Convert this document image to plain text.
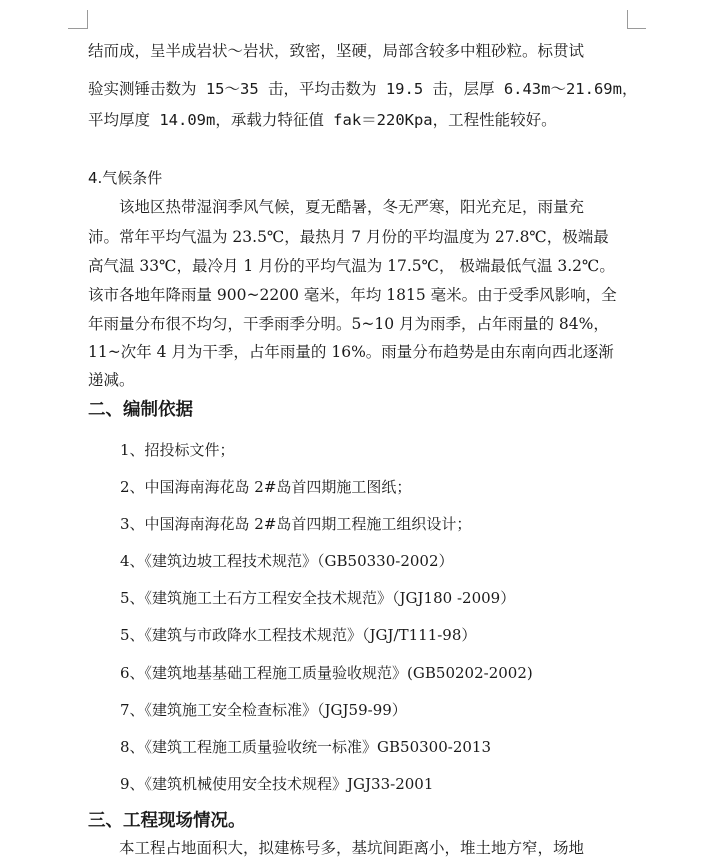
结而成，呈半成岩状～岩状，致密，坚硬，局部含较多中粗砂粒。标贯试
验实测锤击数为 15～35 击，平均击数为 19.5 击，层厚 6.43m～21.69m，
平均厚度 14.09m，承载力特征值 fak＝220Kpa，工程性能较好。
4.气候条件
　　该地区热带湿润季风气候，夏无酷暑，冬无严寒，阳光充足，雨量充
沛。常年平均气温为 23.5℃，最热月 7 月份的平均温度为 27.8℃，极端最
高气温 33℃，最冷月 1 月份的平均气温为 17.5℃， 极端最低气温 3.2℃。
该市各地年降雨量 900~2200 毫米，年均 1815 毫米。由于受季风影响，全
年雨量分布很不均匀，干季雨季分明。5~10 月为雨季，占年雨量的 84%，
11~次年 4 月为干季，占年雨量的 16%。雨量分布趋势是由东南向西北逐渐
递减。
二、编制依据
1、招投标文件；
2、中国海南海花岛 2#岛首四期施工图纸；
3、中国海南海花岛 2#岛首四期工程施工组织设计；
4、《建筑边坡工程技术规范》（GB50330-2002）
5、《建筑施工土石方工程安全技术规范》（JGJ180 -2009）
5、《建筑与市政降水工程技术规范》（JGJ/T111-98）
6、《建筑地基基础工程施工质量验收规范》(GB50202-2002)
7、《建筑施工安全检查标准》（JGJ59-99）
8、《建筑工程施工质量验收统一标准》GB50300-2013
9、《建筑机械使用安全技术规程》JGJ33-2001
三、工程现场情况。
　　本工程占地面积大，拟建栋号多，基坑间距离小，堆土地方窄，场地
